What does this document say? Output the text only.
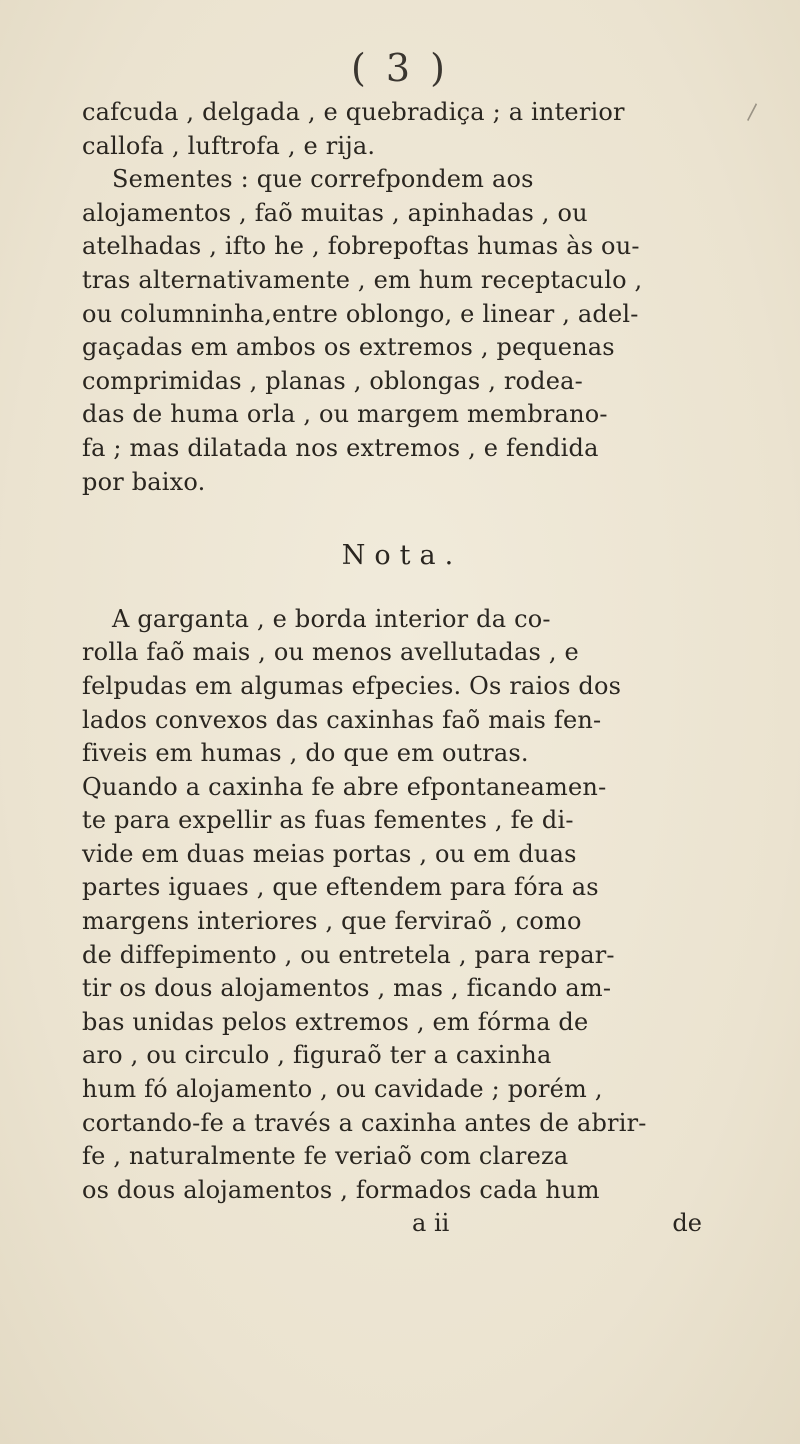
( 3 )
\
cafcuda , delgada , e quebradiça ; a interior
callofa , luftrofa , e rija.
Sementes : que correfpondem aos
alojamentos , faõ muitas , apinhadas , ou
atelhadas , ifto he , fobrepoftas humas às ou-
tras alternativamente , em hum receptaculo ,
ou columninha,entre oblongo, e linear , adel-
gaçadas em ambos os extremos , pequenas
comprimidas , planas , oblongas , rodea-
das de huma orla , ou margem membrano-
fa ; mas dilatada nos extremos , e fendida
por baixo.
Nota.
A garganta , e borda interior da co-
rolla faõ mais , ou menos avellutadas , e
felpudas em algumas efpecies. Os raios dos
lados convexos das caxinhas faõ mais fen-
fiveis em humas , do que em outras.
Quando a caxinha fe abre efpontaneamen-
te para expellir as fuas fementes , fe di-
vide em duas meias portas , ou em duas
partes iguaes , que eftendem para fóra as
margens interiores , que ferviraõ , como
de diffepimento , ou entretela , para repar-
tir os dous alojamentos , mas , ficando am-
bas unidas pelos extremos , em fórma de
aro , ou circulo , figuraõ ter a caxinha
hum fó alojamento , ou cavidade ; porém ,
cortando-fe a través a caxinha antes de abrir-
fe , naturalmente fe veriaõ com clareza
os dous alojamentos , formados cada hum
a ii	de
